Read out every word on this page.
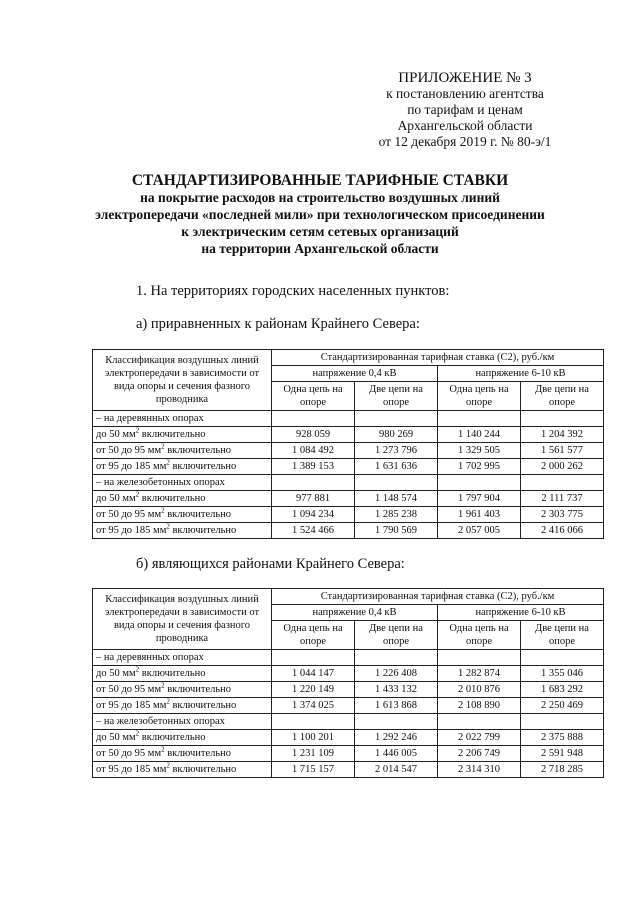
ПРИЛОЖЕНИЕ № 3
к постановлению агентства
по тарифам и ценам
Архангельской области
от 12 декабря 2019 г. № 80-э/1
СТАНДАРТИЗИРОВАННЫЕ ТАРИФНЫЕ СТАВКИ
на покрытие расходов на строительство воздушных линий
электропередачи «последней мили» при технологическом присоединении
к электрическим сетям сетевых организаций
на территории Архангельской области
1. На территориях городских населенных пунктов:
а) приравненных к районам Крайнего Севера:
Классификация воздушных линий электропередачи в зависимости от вида опоры и сечения фазного проводника	Стандартизированная тарифная ставка (С2), руб./км			
	напряжение 0,4 кВ		напряжение 6-10 кВ	
	Одна цепь на опоре	Две цепи на опоре	Одна цепь на опоре	Две цепи на опоре
– на деревянных опорах				
до 50 $мм^2$ включительно	928 059	980 269	1 140 244	1 204 392
от 50 до 95 $мм^2$ включительно	1 084 492	1 273 796	1 329 505	1 561 577
от 95 до 185 $мм^2$ включительно	1 389 153	1 631 636	1 702 995	2 000 262
– на железобетонных опорах				
до 50 $мм^2$ включительно	977 881	1 148 574	1 797 904	2 111 737
от 50 до 95 $мм^2$ включительно	1 094 234	1 285 238	1 961 403	2 303 775
от 95 до 185 $мм^2$ включительно	1 524 466	1 790 569	2 057 005	2 416 066
б) являющихся районами Крайнего Севера:
Классификация воздушных линий электропередачи в зависимости от вида опоры и сечения фазного проводника	Стандартизированная тарифная ставка (С2), руб./км			
	напряжение 0,4 кВ		напряжение 6-10 кВ	
	Одна цепь на опоре	Две цепи на опоре	Одна цепь на опоре	Две цепи на опоре
– на деревянных опорах				
до 50 $мм^2$ включительно	1 044 147	1 226 408	1 282 874	1 355 046
от 50 до 95 $мм^2$ включительно	1 220 149	1 433 132	2 010 876	1 683 292
от 95 до 185 $мм^2$ включительно	1 374 025	1 613 868	2 108 890	2 250 469
– на железобетонных опорах				
до 50 $мм^2$ включительно	1 100 201	1 292 246	2 022 799	2 375 888
от 50 до 95 $мм^2$ включительно	1 231 109	1 446 005	2 206 749	2 591 948
от 95 до 185 $мм^2$ включительно	1 715 157	2 014 547	2 314 310	2 718 285
